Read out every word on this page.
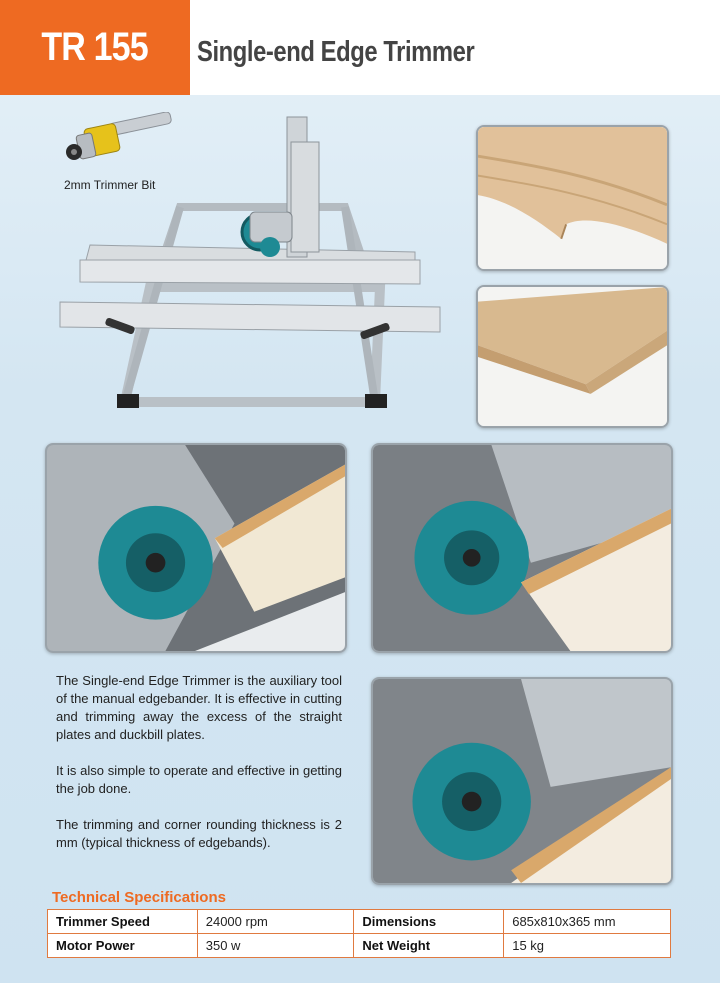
TR 155 Single-end Edge Trimmer
2mm Trimmer Bit

The Single-end Edge Trimmer is the auxiliary tool of the manual edgebander. It is effective in cutting and trimming away the excess of the straight plates and duckbill plates.

It is also simple to operate and effective in getting the job done.

The trimming and corner rounding thickness is 2 mm (typical thickness of edgebands).

Technical Specifications
Trimmer Speed	24000 rpm	Dimensions	685x810x365 mm
Motor Power	350 w	Net Weight	15 kg
